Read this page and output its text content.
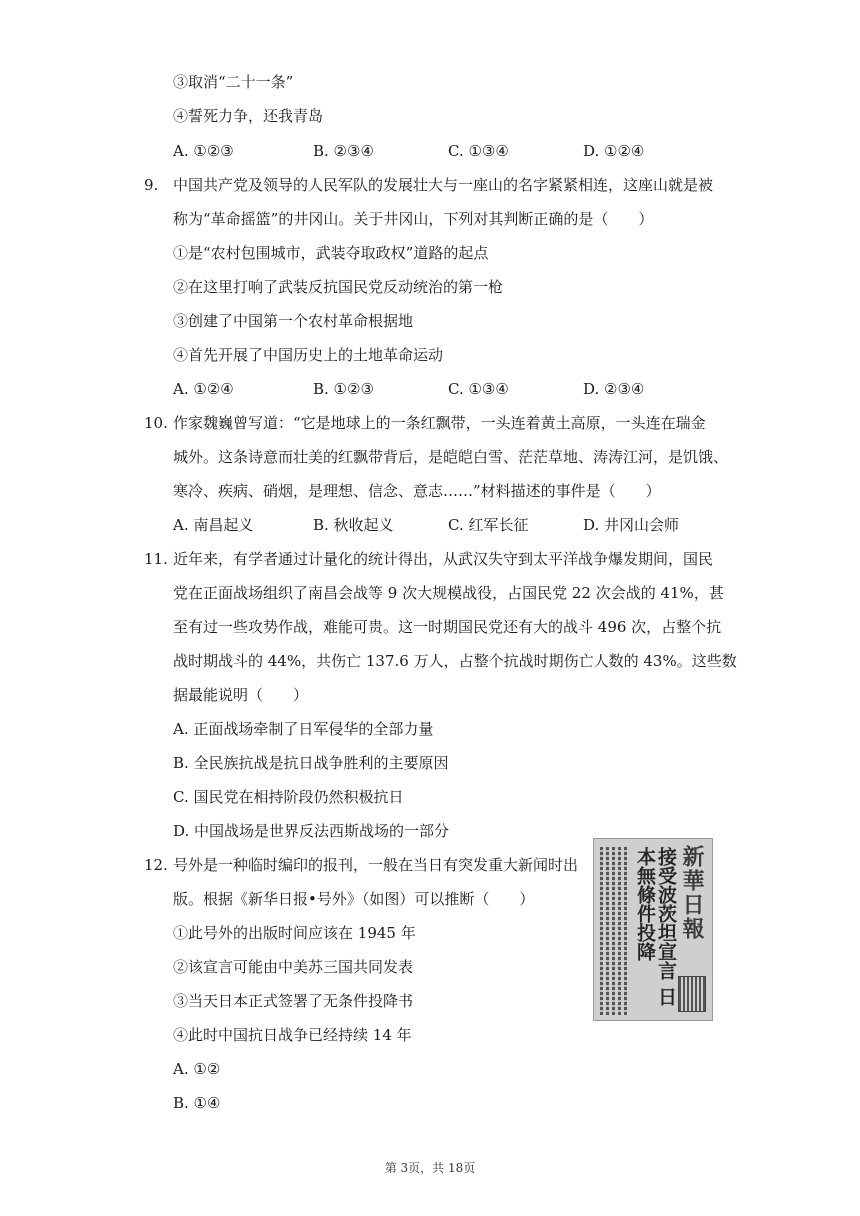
③取消“二十一条”
④誓死力争，还我青岛
A. ①②③	B. ②③④	C. ①③④	D. ①②④
9. 中国共产党及领导的人民军队的发展壮大与一座山的名字紧紧相连，这座山就是被
称为“革命摇篮”的井冈山。关于井冈山，下列对其判断正确的是（　　）
①是“农村包围城市，武装夺取政权”道路的起点
②在这里打响了武装反抗国民党反动统治的第一枪
③创建了中国第一个农村革命根据地
④首先开展了中国历史上的土地革命运动
A. ①②④	B. ①②③	C. ①③④	D. ②③④
10. 作家魏巍曾写道：“它是地球上的一条红飘带，一头连着黄土高原，一头连在瑞金
城外。这条诗意而壮美的红飘带背后，是皑皑白雪、茫茫草地、涛涛江河，是饥饿、
寒冷、疾病、硝烟，是理想、信念、意志……”材料描述的事件是（　　）
A. 南昌起义	B. 秋收起义	C. 红军长征	D. 井冈山会师
11. 近年来，有学者通过计量化的统计得出，从武汉失守到太平洋战争爆发期间，国民
党在正面战场组织了南昌会战等 9 次大规模战役，占国民党 22 次会战的 41%，甚
至有过一些攻势作战，难能可贵。这一时期国民党还有大的战斗 496 次，占整个抗
战时期战斗的 44%，共伤亡 137.6 万人，占整个抗战时期伤亡人数的 43%。这些数
据最能说明（　　）
A. 正面战场牵制了日军侵华的全部力量
B. 全民族抗战是抗日战争胜利的主要原因
C. 国民党在相持阶段仍然积极抗日
D. 中国战场是世界反法西斯战场的一部分
12. 号外是一种临时编印的报刊，一般在当日有突发重大新闻时出
版。根据《新华日报•号外》（如图）可以推断（　　）
①此号外的出版时间应该在 1945 年
②该宣言可能由中美苏三国共同发表
③当天日本正式签署了无条件投降书
④此时中国抗日战争已经持续 14 年
A. ①②
B. ①④
新華日報
接受波茨坦宣言 日本無條件投降
第 3页，共 18页
